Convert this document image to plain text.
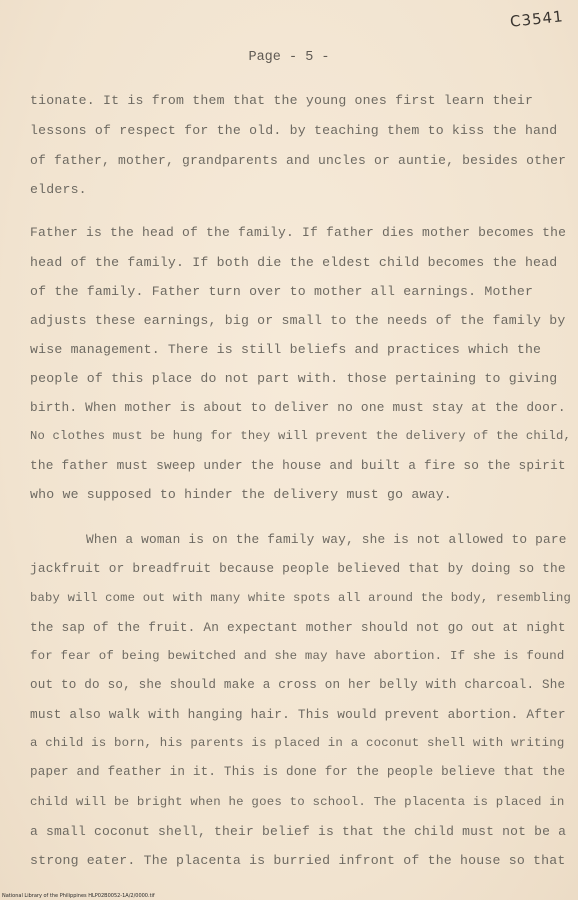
C3541
Page - 5 -
tionate. It is from them that the young ones first learn their
lessons of respect for the old. by teaching them to kiss the hand
of father, mother, grandparents and uncles or auntie, besides other
elders.
Father is the head of the family. If father dies mother becomes the
head of the family. If both die the eldest child becomes the head
of the family. Father turn over to mother all earnings. Mother
adjusts these earnings, big or small to the needs of the family by
wise management. There is still beliefs and practices which the
people of this place do not part with. those pertaining to giving
birth. When mother is about to deliver no one must stay at the door.
No clothes must be hung for they will prevent the delivery of the child,
the father must sweep under the house and built a fire so the spirit
who we supposed to hinder the delivery must go away.
When a woman is on the family way, she is not allowed to pare
jackfruit or breadfruit because people believed that by doing so the
baby will come out with many white spots all around the body, resembling
the sap of the fruit. An expectant mother should not go out at night
for fear of being bewitched and she may have abortion. If she is found
out to do so, she should make a cross on her belly with charcoal. She
must also walk with hanging hair. This would prevent abortion. After
a child is born, his parents is placed in a coconut shell with writing
paper and feather in it. This is done for the people believe that the
child will be bright when he goes to school. The placenta is placed in
a small coconut shell, their belief is that the child must not be a
strong eater. The placenta is burried infront of the house so that
National Library of the Philippines HLP02B0052-1A/2/0000.tif
